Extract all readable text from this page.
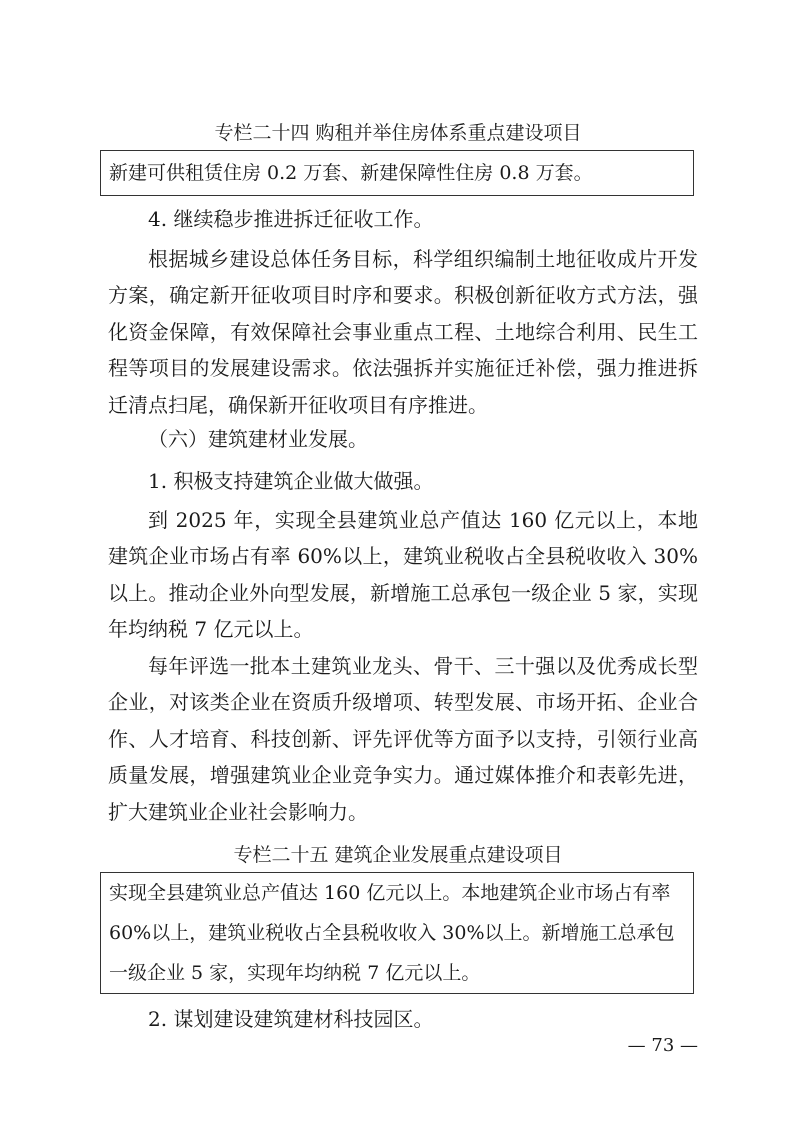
专栏二十四 购租并举住房体系重点建设项目
新建可供租赁住房 0.2 万套、新建保障性住房 0.8 万套。
4. 继续稳步推进拆迁征收工作。
根据城乡建设总体任务目标，科学组织编制土地征收成片开发方案，确定新开征收项目时序和要求。积极创新征收方式方法，强化资金保障，有效保障社会事业重点工程、土地综合利用、民生工程等项目的发展建设需求。依法强拆并实施征迁补偿，强力推进拆迁清点扫尾，确保新开征收项目有序推进。
（六）建筑建材业发展。
1. 积极支持建筑企业做大做强。
到 2025 年，实现全县建筑业总产值达 160 亿元以上，本地建筑企业市场占有率 60%以上，建筑业税收占全县税收收入 30%以上。推动企业外向型发展，新增施工总承包一级企业 5 家，实现年均纳税 7 亿元以上。
每年评选一批本土建筑业龙头、骨干、三十强以及优秀成长型企业，对该类企业在资质升级增项、转型发展、市场开拓、企业合作、人才培育、科技创新、评先评优等方面予以支持，引领行业高质量发展，增强建筑业企业竞争实力。通过媒体推介和表彰先进，扩大建筑业企业社会影响力。
专栏二十五 建筑企业发展重点建设项目
实现全县建筑业总产值达 160 亿元以上。本地建筑企业市场占有率 60%以上，建筑业税收占全县税收收入 30%以上。新增施工总承包一级企业 5 家，实现年均纳税 7 亿元以上。
2. 谋划建设建筑建材科技园区。
— 73 —
